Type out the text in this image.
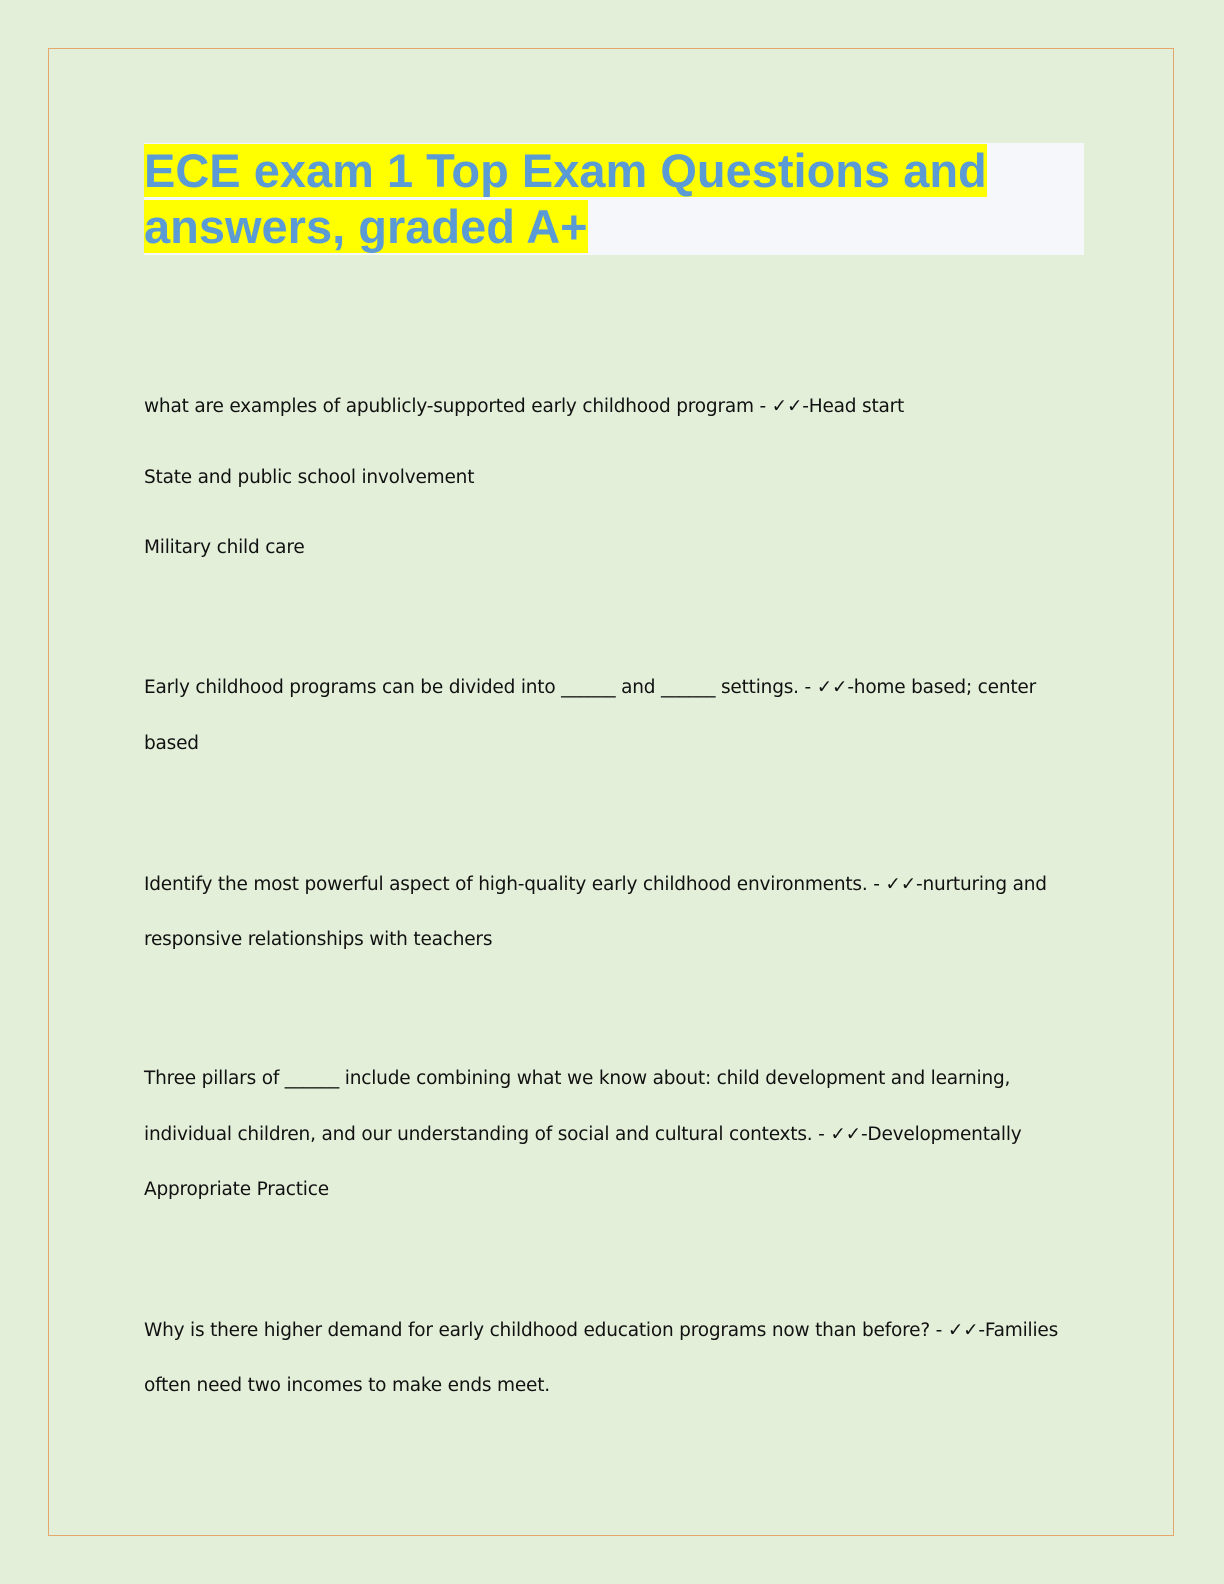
ECE exam 1 Top Exam Questions and
answers, graded A+
what are examples of apublicly-supported early childhood program - ✓✓-Head start
State and public school involvement
Military child care
Early childhood programs can be divided into ______ and ______ settings. - ✓✓-home based; center
based
Identify the most powerful aspect of high-quality early childhood environments. - ✓✓-nurturing and
responsive relationships with teachers
Three pillars of ______ include combining what we know about: child development and learning,
individual children, and our understanding of social and cultural contexts. - ✓✓-Developmentally
Appropriate Practice
Why is there higher demand for early childhood education programs now than before? - ✓✓-Families
often need two incomes to make ends meet.
